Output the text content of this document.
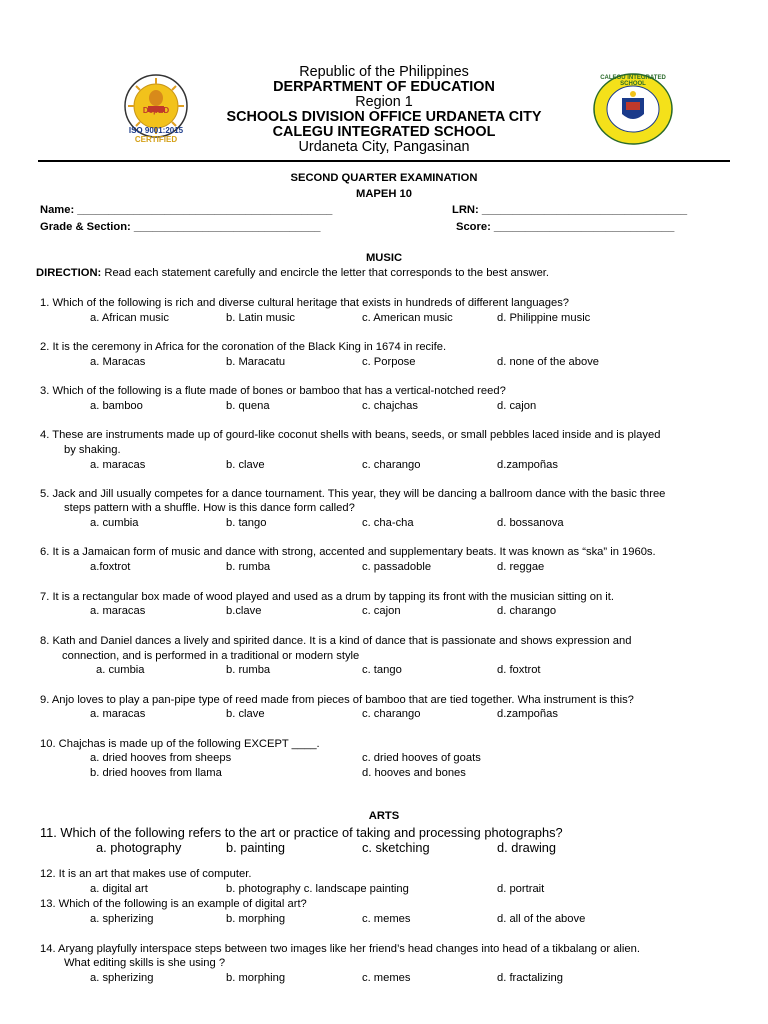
DepED
ISO 9001:2015
CERTIFIED
CALEGU INTEGRATED SCHOOL
Republic of the Philippines
DERPARTMENT OF EDUCATION
Region 1
SCHOOLS DIVISION OFFICE URDANETA CITY
CALEGU INTEGRATED SCHOOL
Urdaneta City, Pangasinan
SECOND QUARTER EXAMINATION
MAPEH 10
Name: _________________________________________	LRN: _________________________________
Grade & Section: ______________________________	Score: _____________________________
MUSIC
DIRECTION: Read each statement carefully and encircle the letter that corresponds to the best answer.
1. Which of the following is rich and diverse cultural heritage that exists in hundreds of different languages?
a. African music	b. Latin music	c. American music	d. Philippine music
2. It is the ceremony in Africa for the coronation of the Black King in 1674 in recife.
a. Maracas	b. Maracatu	c. Porpose	d. none of the above
3. Which of the following is a flute made of bones or bamboo that has a vertical-notched reed?
a. bamboo	b. quena	c. chajchas	d. cajon
4. These are instruments made up of gourd-like coconut shells with beans, seeds, or small pebbles laced inside and is played
by shaking.
a. maracas	b. clave	c. charango	d.zampoñas
5. Jack and Jill usually competes for a dance tournament. This year, they will be dancing a ballroom dance with the basic three
steps pattern with a shuffle. How is this dance form called?
a. cumbia	b. tango	c. cha-cha	d. bossanova
6. It is a Jamaican form of music and dance with strong, accented and supplementary beats. It was known as “ska” in 1960s.
a.foxtrot	b. rumba	c. passadoble	d. reggae
7. It is a rectangular box made of wood played and used as a drum by tapping its front with the musician sitting on it.
a. maracas	b.clave	c. cajon	d. charango
8. Kath and Daniel dances a lively and spirited dance. It is a kind of dance that is passionate and shows expression and
connection, and is performed in a traditional or modern style
a. cumbia	b. rumba	c. tango	d. foxtrot
9. Anjo loves to play a pan-pipe type of reed made from pieces of bamboo that are tied together. Wha instrument is this?
a. maracas	b. clave	c. charango	d.zampoñas
10. Chajchas is made up of the following EXCEPT ____.
a. dried hooves from sheeps	c. dried hooves of goats
b. dried hooves from llama	d. hooves and bones
ARTS
11. Which of the following refers to the art or practice of taking and processing photographs?
a. photography	b. painting	c. sketching	d. drawing
12. It is an art that makes use of computer.
a. digital art	b. photography c. landscape painting	d. portrait
13. Which of the following is an example of digital art?
a. spherizing	b. morphing	c. memes	d. all of the above
14. Aryang playfully interspace steps between two images like her friend’s head changes into head of a tikbalang or alien.
What editing skills is she using ?
a. spherizing	b. morphing	c. memes	d. fractalizing
